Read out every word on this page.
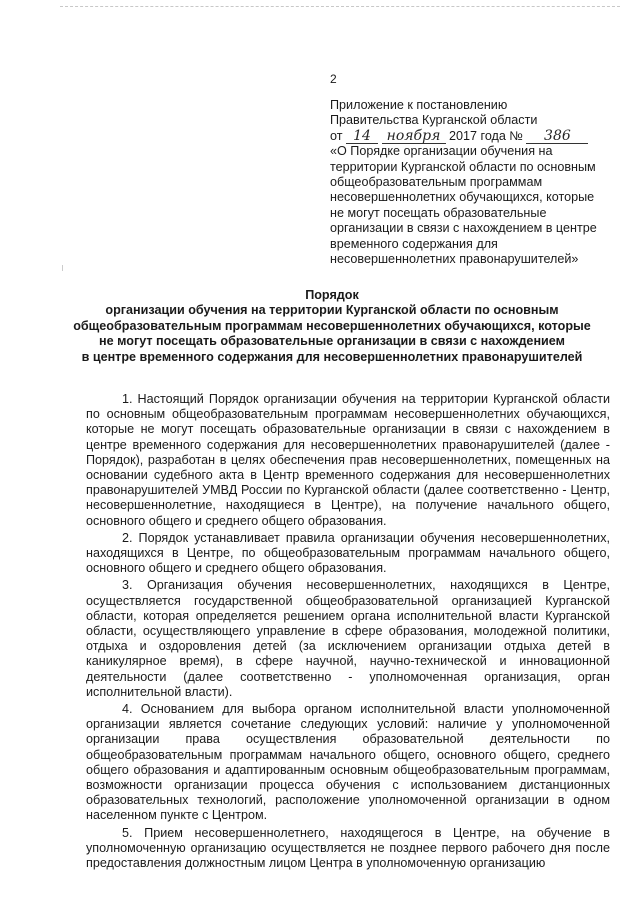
2
Приложение к постановлению
Правительства Курганской области
от 14 ноября 2017 года № 386
«О Порядке организации обучения на
территории Курганской области по основным
общеобразовательным программам
несовершеннолетних обучающихся, которые
не могут посещать образовательные
организации в связи с нахождением в центре
временного содержания для
несовершеннолетних правонарушителей»
Порядок
организации обучения на территории Курганской области по основным
общеобразовательным программам несовершеннолетних обучающихся, которые
не могут посещать образовательные организации в связи с нахождением
в центре временного содержания для несовершеннолетних правонарушителей

1. Настоящий Порядок организации обучения на территории Курганской области по основным общеобразовательным программам несовершеннолетних обучающихся, которые не могут посещать образовательные организации в связи с нахождением в центре временного содержания для несовершеннолетних правонарушителей (далее - Порядок), разработан в целях обеспечения прав несовершеннолетних, помещенных на основании судебного акта в Центр временного содержания для несовершеннолетних правонарушителей УМВД России по Курганской области (далее соответственно - Центр, несовершеннолетние, находящиеся в Центре), на получение начального общего, основного общего и среднего общего образования.

2. Порядок устанавливает правила организации обучения несовершеннолетних, находящихся в Центре, по общеобразовательным программам начального общего, основного общего и среднего общего образования.

3. Организация обучения несовершеннолетних, находящихся в Центре, осуществляется государственной общеобразовательной организацией Курганской области, которая определяется решением органа исполнительной власти Курганской области, осуществляющего управление в сфере образования, молодежной политики, отдыха и оздоровления детей (за исключением организации отдыха детей в каникулярное время), в сфере научной, научно-технической и инновационной деятельности (далее соответственно - уполномоченная организация, орган исполнительной власти).

4. Основанием для выбора органом исполнительной власти уполномоченной организации является сочетание следующих условий: наличие у уполномоченной организации права осуществления образовательной деятельности по общеобразовательным программам начального общего, основного общего, среднего общего образования и адаптированным основным общеобразовательным программам, возможности организации процесса обучения с использованием дистанционных образовательных технологий, расположение уполномоченной организации в одном населенном пункте с Центром.

5. Прием несовершеннолетнего, находящегося в Центре, на обучение в уполномоченную организацию осуществляется не позднее первого рабочего дня после предоставления должностным лицом Центра в уполномоченную организацию
